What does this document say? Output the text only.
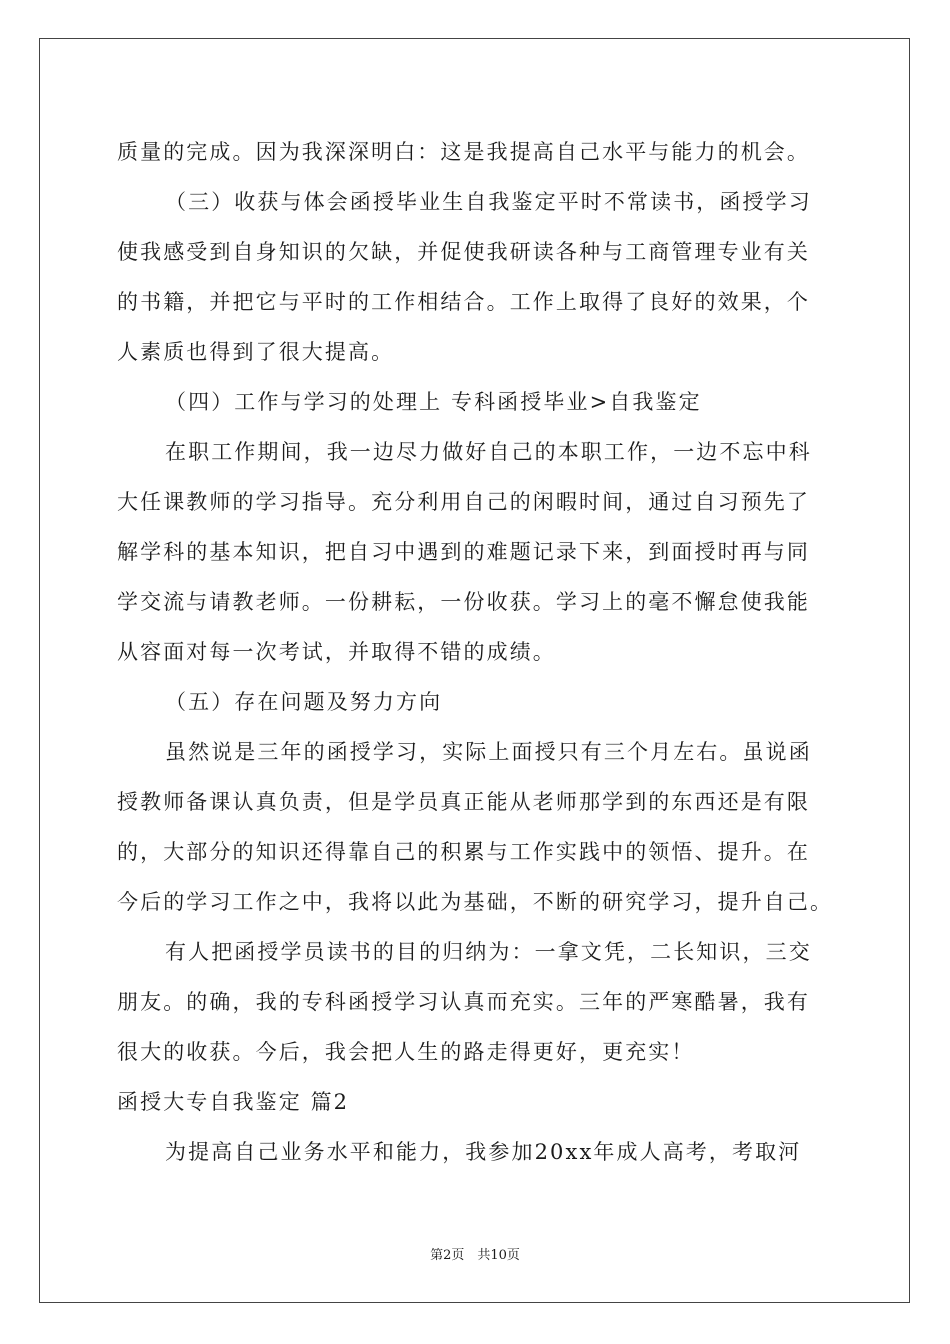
质量的完成。因为我深深明白：这是我提高自己水平与能力的机会。
（三）收获与体会函授毕业生自我鉴定平时不常读书，函授学习
使我感受到自身知识的欠缺，并促使我研读各种与工商管理专业有关
的书籍，并把它与平时的工作相结合。工作上取得了良好的效果，个
人素质也得到了很大提高。
（四）工作与学习的处理上 专科函授毕业>自我鉴定
在职工作期间，我一边尽力做好自己的本职工作，一边不忘中科
大任课教师的学习指导。充分利用自己的闲暇时间，通过自习预先了
解学科的基本知识，把自习中遇到的难题记录下来，到面授时再与同
学交流与请教老师。一份耕耘，一份收获。学习上的毫不懈怠使我能
从容面对每一次考试，并取得不错的成绩。
（五）存在问题及努力方向
虽然说是三年的函授学习，实际上面授只有三个月左右。虽说函
授教师备课认真负责，但是学员真正能从老师那学到的东西还是有限
的，大部分的知识还得靠自己的积累与工作实践中的领悟、提升。在
今后的学习工作之中，我将以此为基础，不断的研究学习，提升自己。
有人把函授学员读书的目的归纳为：一拿文凭，二长知识，三交
朋友。的确，我的专科函授学习认真而充实。三年的严寒酷暑，我有
很大的收获。今后，我会把人生的路走得更好，更充实！
函授大专自我鉴定 篇2
为提高自己业务水平和能力，我参加20xx年成人高考，考取河
第2页　共10页
